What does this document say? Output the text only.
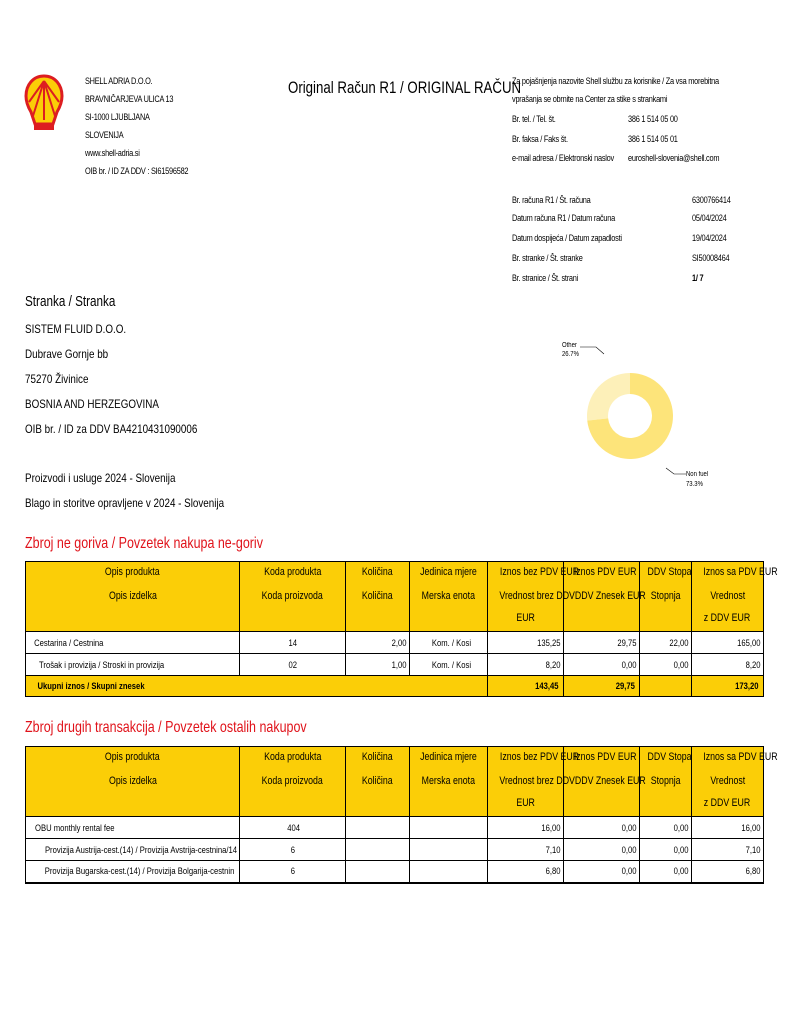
SHELL ADRIA D.O.O.
BRAVNIČARJEVA ULICA 13
SI-1000 LJUBLJANA
SLOVENIJA
www.shell-adria.si
OIB br. / ID ZA DDV : SI61596582
Original Račun R1 / ORIGINAL RAČUN
Za pojašnjenja nazovite Shell službu za korisnike / Za vsa morebitna
vprašanja se obrnite na Center za stike s strankami
Br. tel. / Tel. št.	386 1 514 05 00
Br. faksa / Faks št.	386 1 514 05 01
e-mail adresa / Elektronski naslov euroshell-slovenia@shell.com
Br. računa R1 / Št. računa	6300766414
Datum računa R1 / Datum računa	05/04/2024
Datum dospijeća / Datum zapadlosti	19/04/2024
Br. stranke / Št. stranke	SI50008464
Br. stranice / Št. strani	1/ 7
Stranka / Stranka
SISTEM FLUID D.O.O.
Dubrave Gornje bb
75270 Živinice
BOSNIA AND HERZEGOVINA
OIB br. / ID za DDV BA4210431090006
Proizvodi i usluge 2024 - Slovenija
Blago in storitve opravljene v 2024 - Slovenija
Other
26.7%
Non fuel
73.3%
Zbroj ne goriva / Povzetek nakupa ne-goriv
Opis produkta	Koda produkta	Količina	Jedinica mjere	Iznos bez PDV EUR	Iznos PDV EUR	DDV Stopa	Iznos sa PDV EUR
Opis izdelka	Koda proizvoda	Količina	Merska enota	Vrednost brez DDV	DDV Znesek EUR	Stopnja	Vrednost
				EUR			z DDV EUR
Cestarina / Cestnina	14	2,00	Kom. / Kosi	135,25	29,75	22,00	165,00
Trošak i provizija / Stroski in provizija	02	1,00	Kom. / Kosi	8,20	0,00	0,00	8,20
Ukupni iznos / Skupni znesek				143,45	29,75		173,20
Zbroj drugih transakcija / Povzetek ostalih nakupov
Opis produkta	Koda produkta	Količina	Jedinica mjere	Iznos bez PDV EUR	Iznos PDV EUR	DDV Stopa	Iznos sa PDV EUR
Opis izdelka	Koda proizvoda	Količina	Merska enota	Vrednost brez DDV	DDV Znesek EUR	Stopnja	Vrednost
				EUR			z DDV EUR
OBU monthly rental fee	404			16,00	0,00	0,00	16,00
Provizija Austrija-cest.(14) / Provizija Avstrija-cestnina/14	6			7,10	0,00	0,00	7,10
Provizija Bugarska-cest.(14) / Provizija Bolgarija-cestnin	6			6,80	0,00	0,00	6,80
